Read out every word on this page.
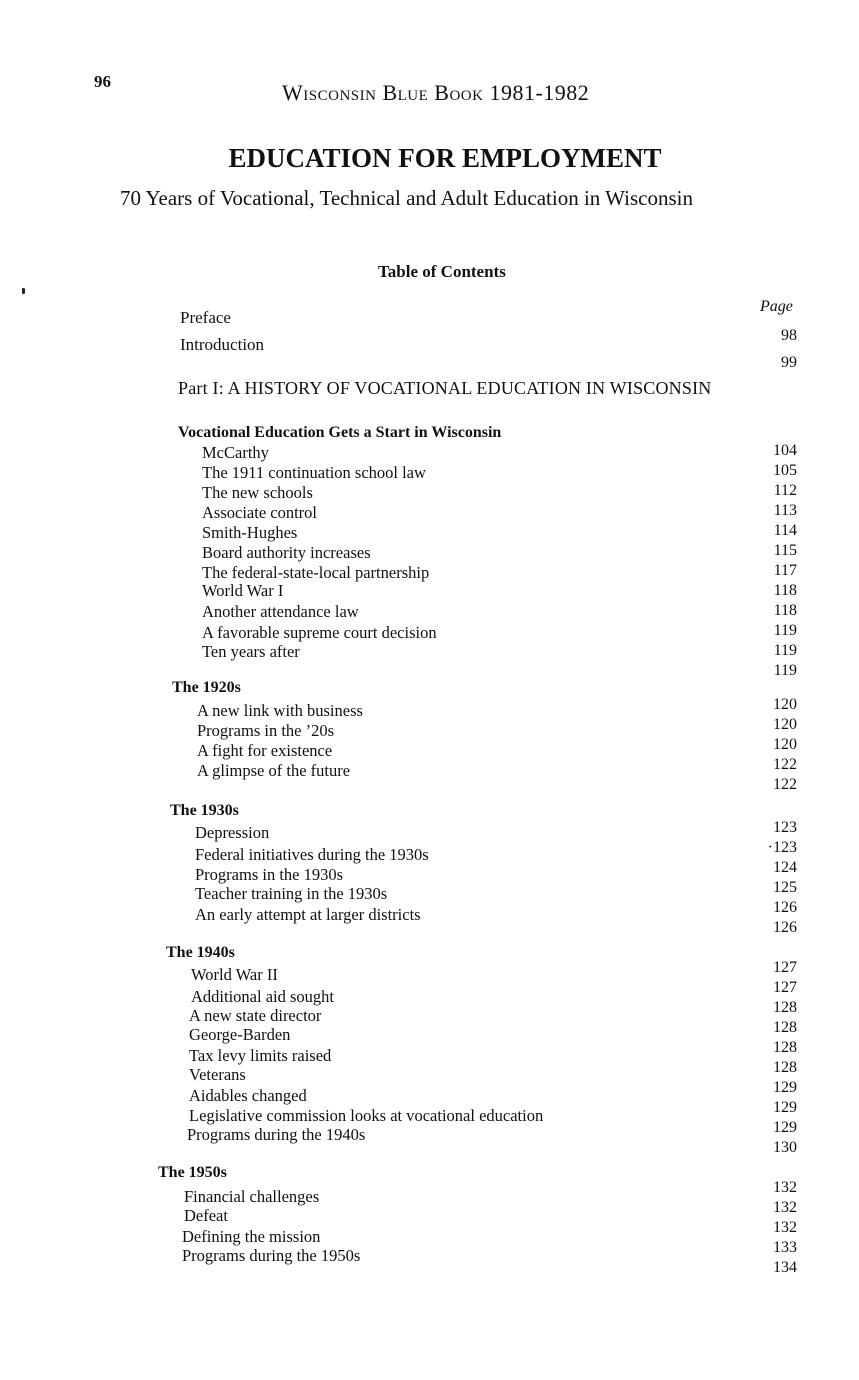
96	Wisconsin Blue Book 1981-1982
EDUCATION FOR EMPLOYMENT
70 Years of Vocational, Technical and Adult Education in Wisconsin
Table of Contents
Page
Preface
Introduction
Part I: A HISTORY OF VOCATIONAL EDUCATION IN WISCONSIN
Vocational Education Gets a Start in Wisconsin
McCarthy
The 1911 continuation school law
The new schools
Associate control
Smith-Hughes
Board authority increases
The federal-state-local partnership
World War I
Another attendance law
A favorable supreme court decision
Ten years after
The 1920s
A new link with business
Programs in the ’20s
A fight for existence
A glimpse of the future
The 1930s
Depression
Federal initiatives during the 1930s
Programs in the 1930s
Teacher training in the 1930s
An early attempt at larger districts
The 1940s
World War II
Additional aid sought
A new state director
George-Barden
Tax levy limits raised
Veterans
Aidables changed
Legislative commission looks at vocational education
Programs during the 1940s
The 1950s
Financial challenges
Defeat
Defining the mission
Programs during the 1950s
98
99
104
105
112
113
114
115
117
118
118
119
119
119
120
120
120
122
122
123
·123
124
125
126
126
127
127
128
128
128
128
129
129
129
130
132
132
132
133
134
